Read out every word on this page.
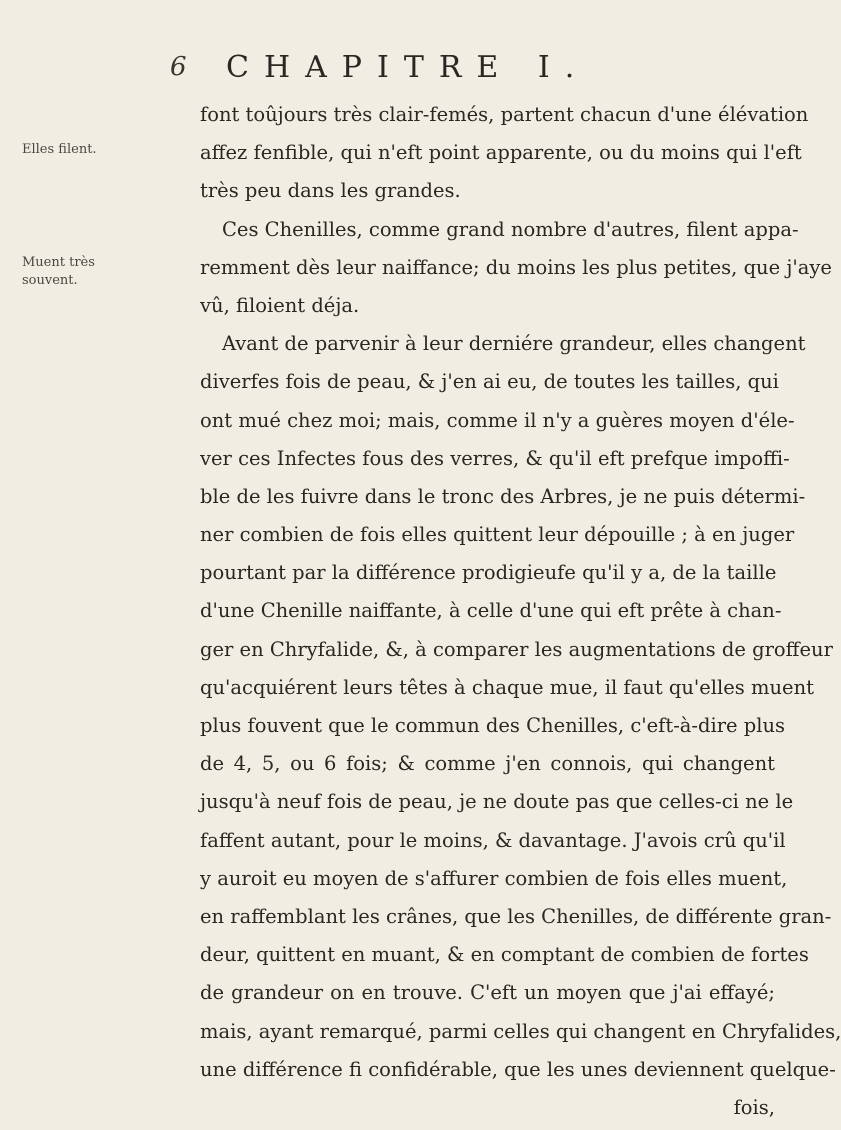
6 CHAPITRE I.
Elles filent.
Muent très
souvent.
font toûjours très clair-femés, partent chacun d'une élévation
affez fenfible, qui n'eft point apparente, ou du moins qui l'eft
très peu dans les grandes.
Ces Chenilles, comme grand nombre d'autres, filent appa-
remment dès leur naiffance; du moins les plus petites, que j'aye
vû, filoient déja.
Avant de parvenir à leur derniére grandeur, elles changent
diverfes fois de peau, & j'en ai eu, de toutes les tailles, qui
ont mué chez moi; mais, comme il n'y a guères moyen d'éle-
ver ces Infectes fous des verres, & qu'il eft prefque impoffi-
ble de les fuivre dans le tronc des Arbres, je ne puis détermi-
ner combien de fois elles quittent leur dépouille ; à en juger
pourtant par la différence prodigieufe qu'il y a, de la taille
d'une Chenille naiffante, à celle d'une qui eft prête à chan-
ger en Chryfalide, &, à comparer les augmentations de groffeur
qu'acquiérent leurs têtes à chaque mue, il faut qu'elles muent
plus fouvent que le commun des Chenilles, c'eft-à-dire plus
de 4, 5, ou 6 fois; & comme j'en connois, qui changent
jusqu'à neuf fois de peau, je ne doute pas que celles-ci ne le
faffent autant, pour le moins, & davantage. J'avois crû qu'il
y auroit eu moyen de s'affurer combien de fois elles muent,
en raffemblant les crânes, que les Chenilles, de différente gran-
deur, quittent en muant, & en comptant de combien de fortes
de grandeur on en trouve. C'eft un moyen que j'ai effayé;
mais, ayant remarqué, parmi celles qui changent en Chryfalides,
une différence fi confidérable, que les unes deviennent quelque-
fois,
